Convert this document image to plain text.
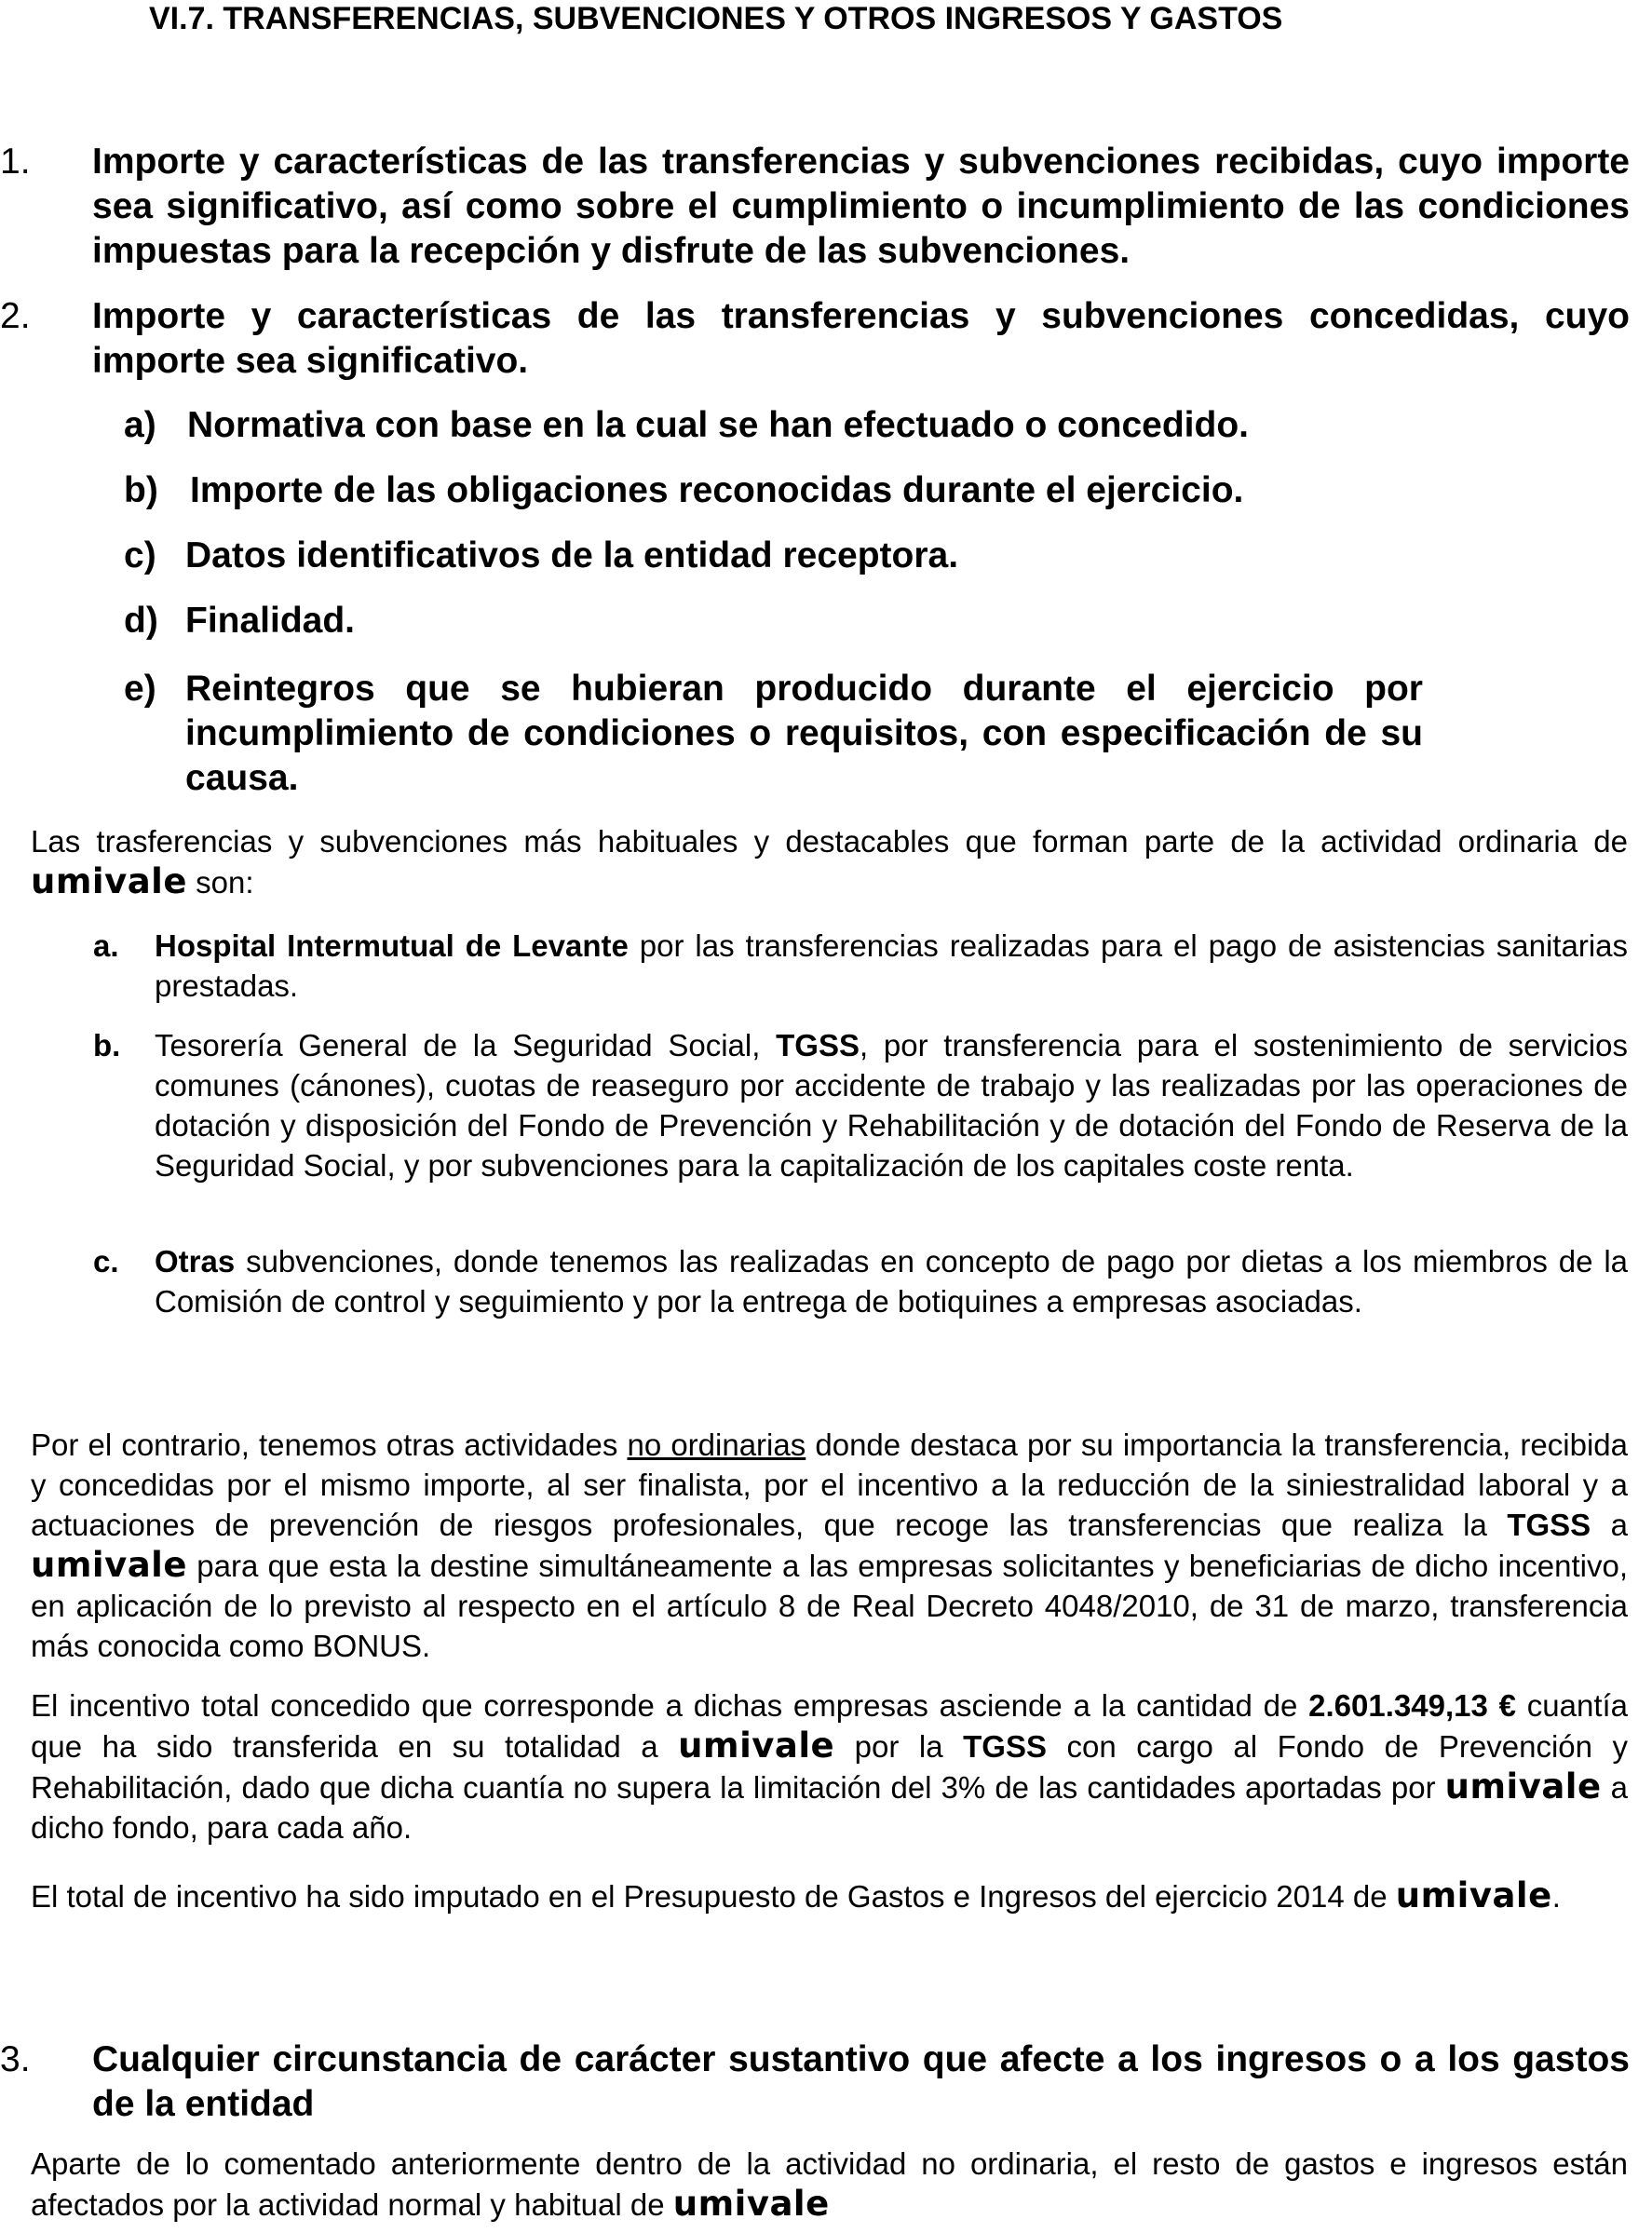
VI.7. TRANSFERENCIAS, SUBVENCIONES Y OTROS INGRESOS Y GASTOS
1. Importe y características de las transferencias y subvenciones recibidas, cuyo importe sea significativo, así como sobre el cumplimiento o incumplimiento de las condiciones impuestas para la recepción y disfrute de las subvenciones.
2. Importe y características de las transferencias y subvenciones concedidas, cuyo importe sea significativo.
a) Normativa con base en la cual se han efectuado o concedido.
b) Importe de las obligaciones reconocidas durante el ejercicio.
c) Datos identificativos de la entidad receptora.
d) Finalidad.
e) Reintegros que se hubieran producido durante el ejercicio por incumplimiento de condiciones o requisitos, con especificación de su causa.
Las trasferencias y subvenciones más habituales y destacables que forman parte de la actividad ordinaria de umivale son:
a. Hospital Intermutual de Levante por las transferencias realizadas para el pago de asistencias sanitarias prestadas.
b. Tesorería General de la Seguridad Social, TGSS, por transferencia para el sostenimiento de servicios comunes (cánones), cuotas de reaseguro por accidente de trabajo y las realizadas por las operaciones de dotación y disposición del Fondo de Prevención y Rehabilitación y de dotación del Fondo de Reserva de la Seguridad Social, y por subvenciones para la capitalización de los capitales coste renta.
c. Otras subvenciones, donde tenemos las realizadas en concepto de pago por dietas a los miembros de la Comisión de control y seguimiento y por la entrega de botiquines a empresas asociadas.
Por el contrario, tenemos otras actividades no ordinarias donde destaca por su importancia la transferencia, recibida y concedidas por el mismo importe, al ser finalista, por el incentivo a la reducción de la siniestralidad laboral y a actuaciones de prevención de riesgos profesionales, que recoge las transferencias que realiza la TGSS a umivale para que esta la destine simultáneamente a las empresas solicitantes y beneficiarias de dicho incentivo, en aplicación de lo previsto al respecto en el artículo 8 de Real Decreto 4048/2010, de 31 de marzo, transferencia más conocida como BONUS.
El incentivo total concedido que corresponde a dichas empresas asciende a la cantidad de 2.601.349,13 € cuantía que ha sido transferida en su totalidad a umivale por la TGSS con cargo al Fondo de Prevención y Rehabilitación, dado que dicha cuantía no supera la limitación del 3% de las cantidades aportadas por umivale a dicho fondo, para cada año.
El total de incentivo ha sido imputado en el Presupuesto de Gastos e Ingresos del ejercicio 2014 de umivale.
3. Cualquier circunstancia de carácter sustantivo que afecte a los ingresos o a los gastos de la entidad
Aparte de lo comentado anteriormente dentro de la actividad no ordinaria, el resto de gastos e ingresos están afectados por la actividad normal y habitual de umivale
